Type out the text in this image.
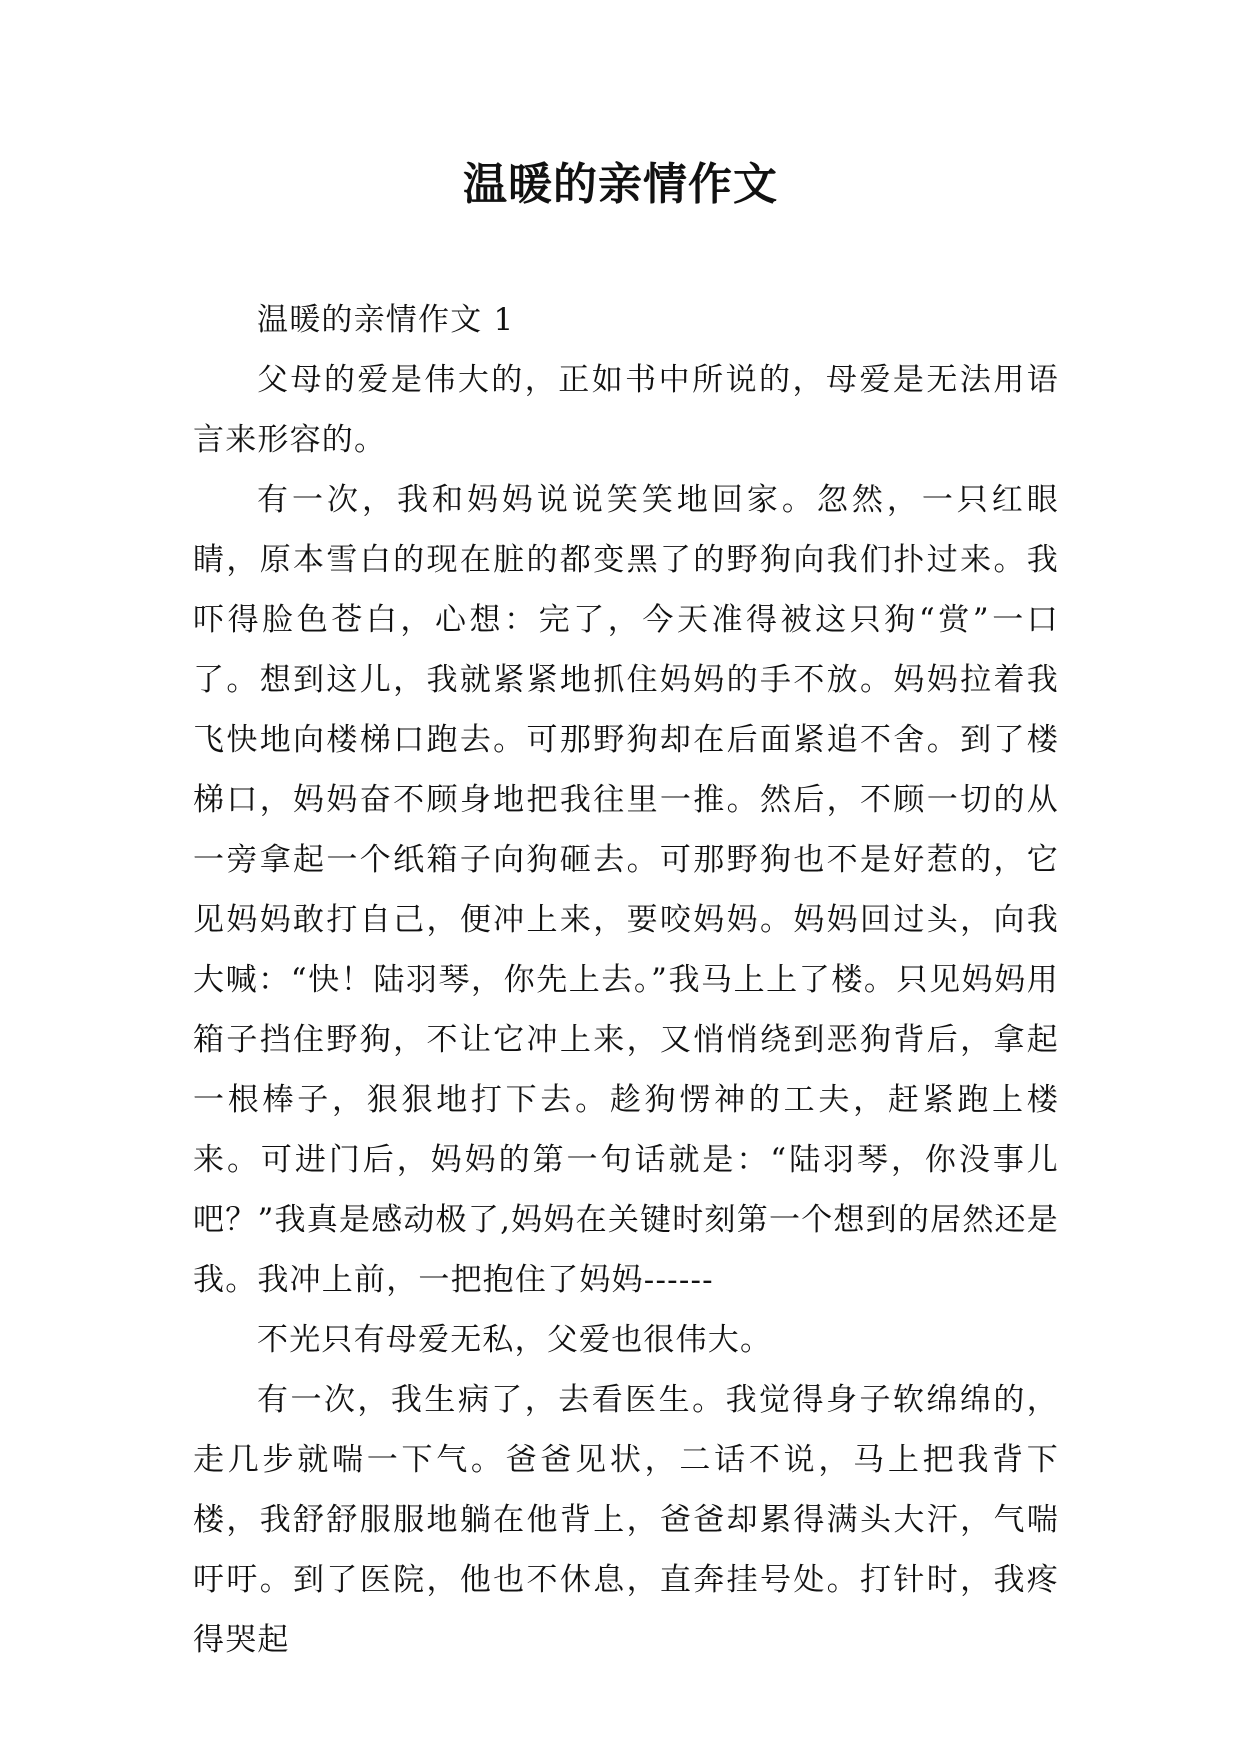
温暖的亲情作文

温暖的亲情作文 1

父母的爱是伟大的，正如书中所说的，母爱是无法用语言来形容的。

有一次，我和妈妈说说笑笑地回家。忽然，一只红眼睛，原本雪白的现在脏的都变黑了的野狗向我们扑过来。我吓得脸色苍白，心想：完了，今天准得被这只狗“赏”一口了。想到这儿，我就紧紧地抓住妈妈的手不放。妈妈拉着我飞快地向楼梯口跑去。可那野狗却在后面紧追不舍。到了楼梯口，妈妈奋不顾身地把我往里一推。然后，不顾一切的从一旁拿起一个纸箱子向狗砸去。可那野狗也不是好惹的，它见妈妈敢打自己，便冲上来，要咬妈妈。妈妈回过头，向我大喊：“快！陆羽琴，你先上去。”我马上上了楼。只见妈妈用箱子挡住野狗，不让它冲上来，又悄悄绕到恶狗背后，拿起一根棒子，狠狠地打下去。趁狗愣神的工夫，赶紧跑上楼来。可进门后，妈妈的第一句话就是：“陆羽琴，你没事儿吧？”我真是感动极了,妈妈在关键时刻第一个想到的居然还是我。我冲上前，一把抱住了妈妈------

不光只有母爱无私，父爱也很伟大。

有一次，我生病了，去看医生。我觉得身子软绵绵的，走几步就喘一下气。爸爸见状，二话不说，马上把我背下楼，我舒舒服服地躺在他背上，爸爸却累得满头大汗，气喘吁吁。到了医院，他也不休息，直奔挂号处。打针时，我疼得哭起
